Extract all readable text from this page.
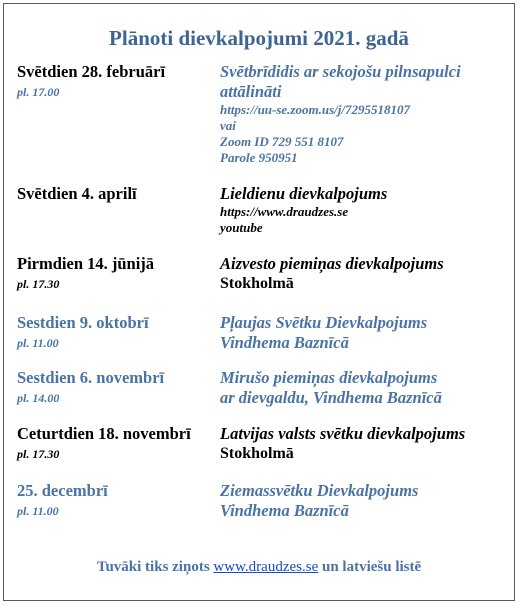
Plānoti dievkalpojumi 2021. gadā
Svētdien 28. februārī
pl. 17.00
Svētbrīdidis ar sekojošu pilnsapulci attālināti
https://uu-se.zoom.us/j/7295518107
vai
Zoom ID 729 551 8107
Parole 950951
Svētdien 4. aprilī	Lieldienu dievkalpojums
https://www.draudzes.se
youtube
Pirmdien 14. jūnijā
pl. 17.30
Aizvesto piemiņas dievkalpojums
Stokholmā
Sestdien 9. oktobrī
pl. 11.00
Pļaujas Svētku Dievkalpojums
Vindhema Baznīcā
Sestdien 6. novembrī
pl. 14.00
Mirušo piemiņas dievkalpojums
ar dievgaldu, Vindhema Baznīcā
Ceturtdien 18. novembrī
pl. 17.30
Latvijas valsts svētku dievkalpojums
Stokholmā
25. decembrī
pl. 11.00
Ziemassvētku Dievkalpojums
Vindhema Baznīcā
Tuvāki tiks ziņots www.draudzes.se un latviešu listē
